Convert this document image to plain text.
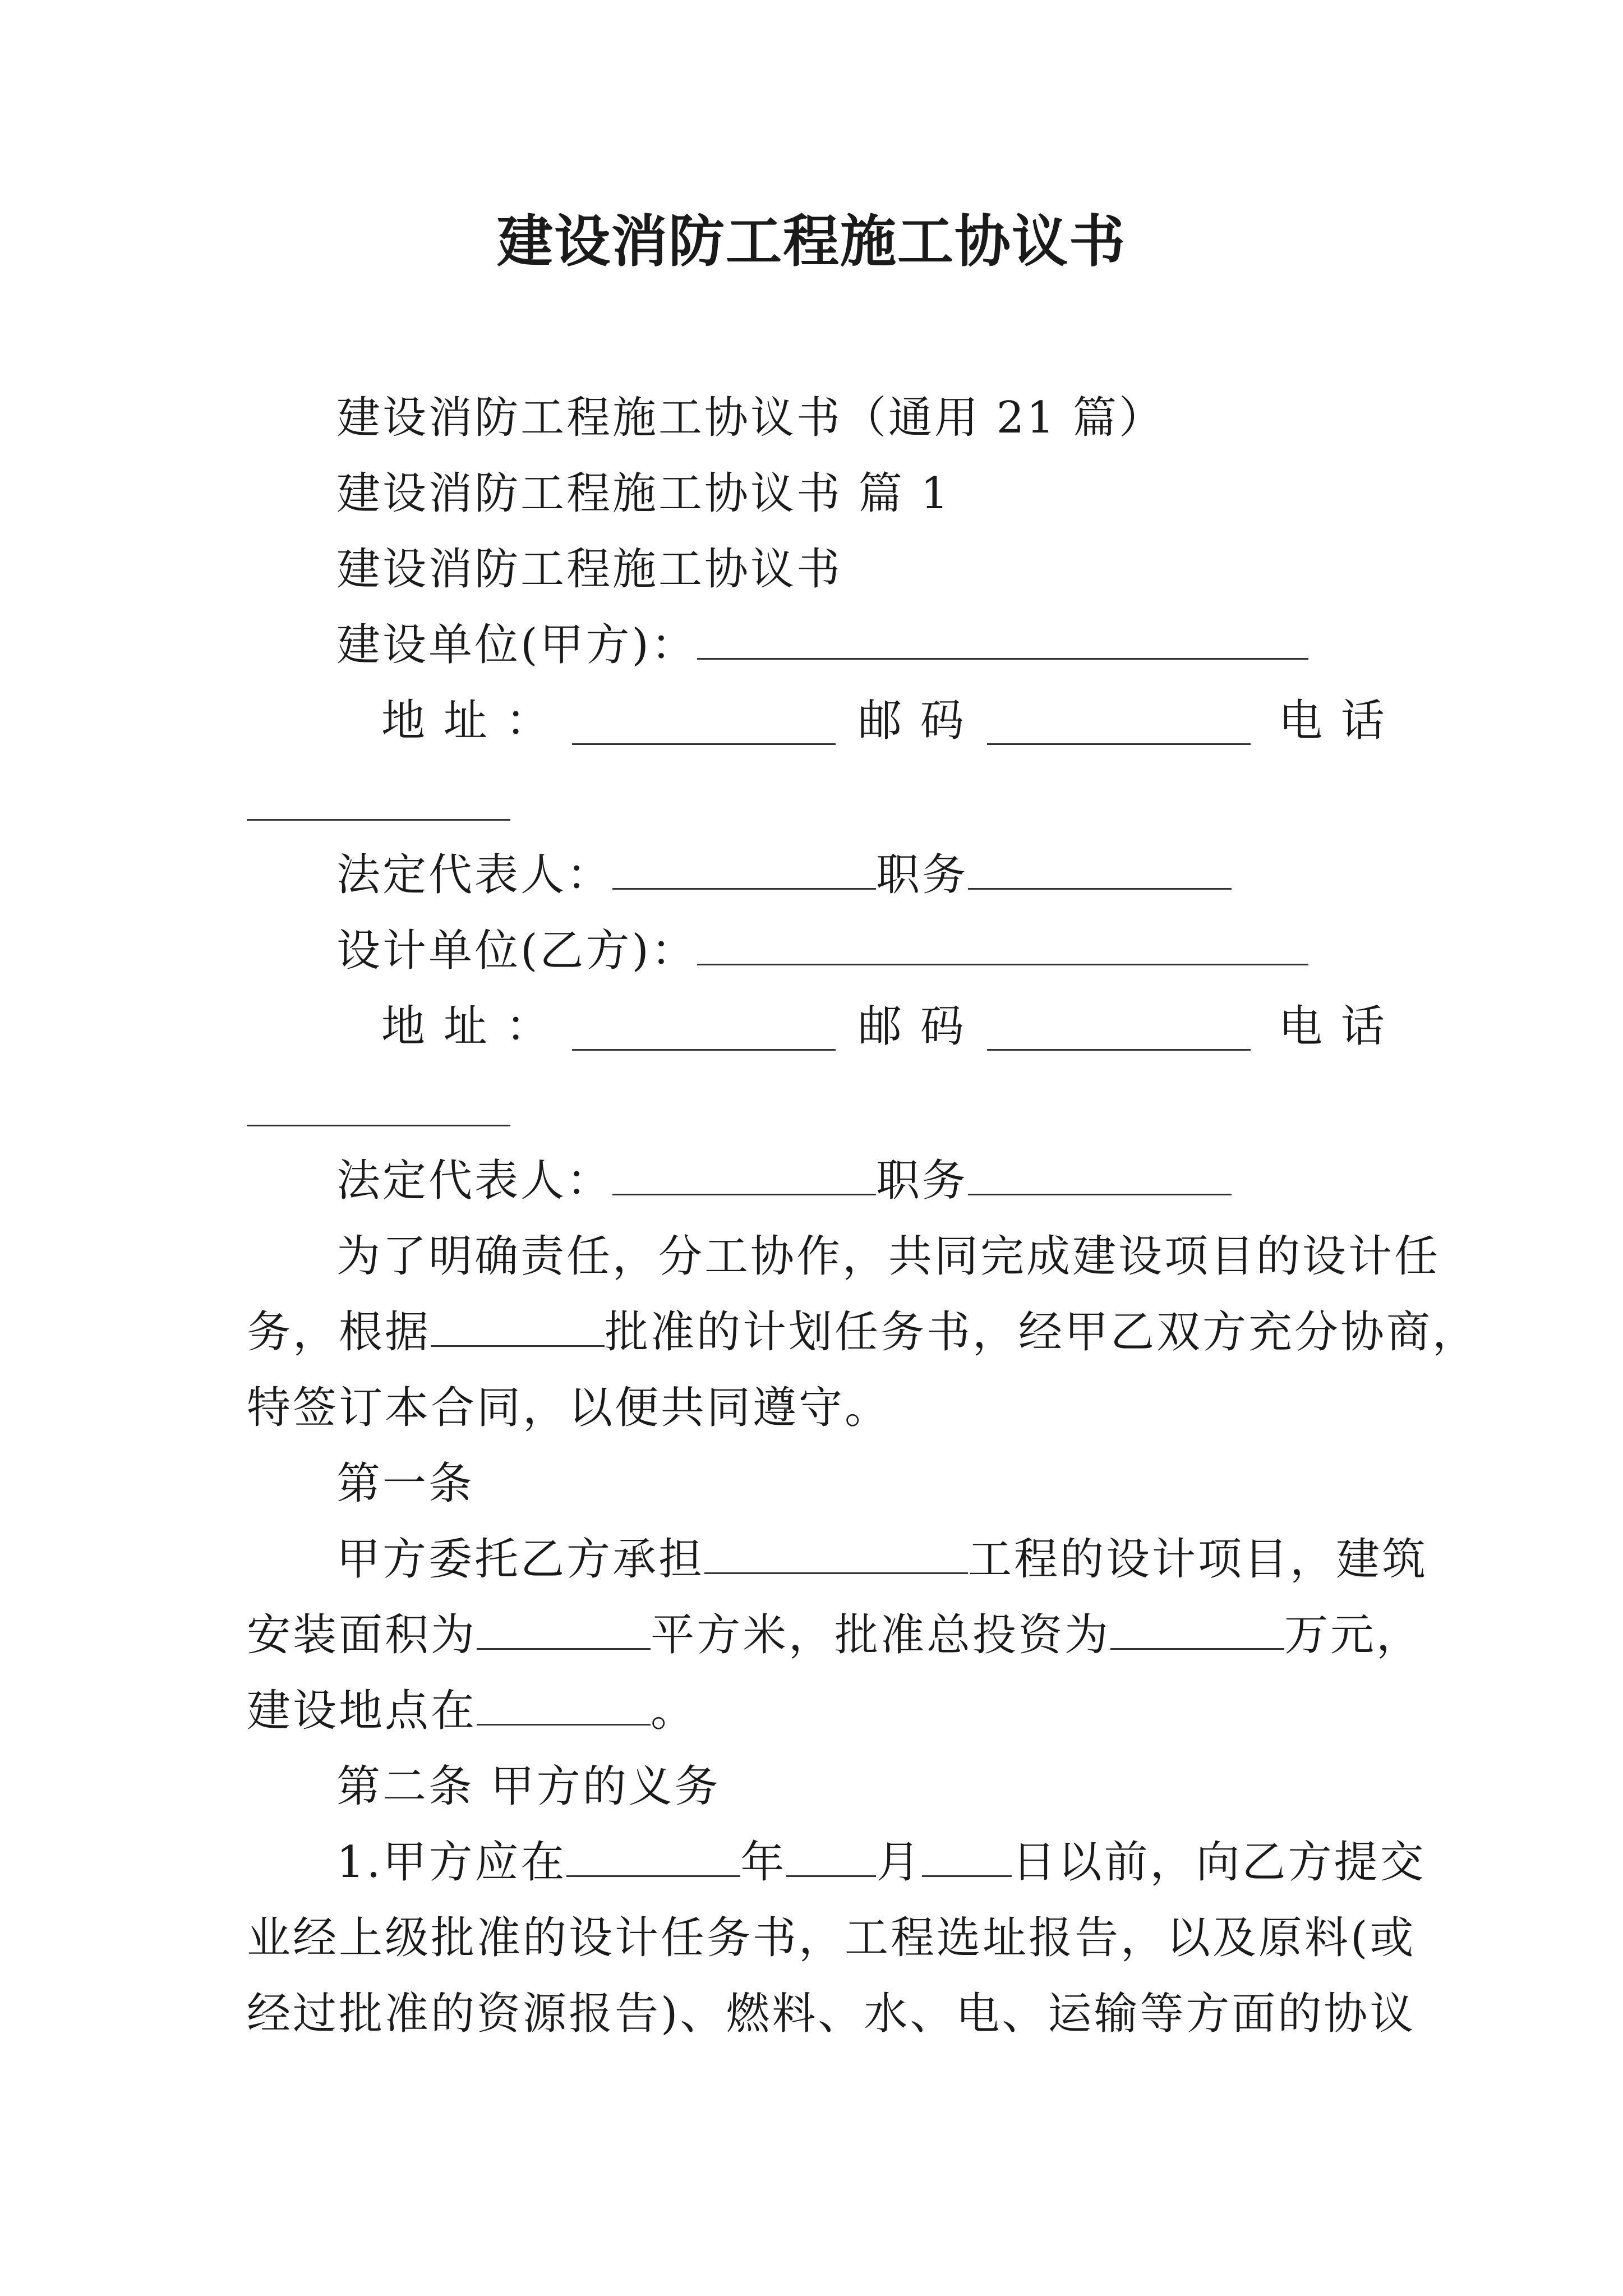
建设消防工程施工协议书
建设消防工程施工协议书（通用 21 篇）
建设消防工程施工协议书 篇 1
建设消防工程施工协议书
建设单位(甲方)：
地 址 ：	邮 码	电 话
法定代表人：	职务
设计单位(乙方)：
地 址 ：	邮 码	电 话
法定代表人：	职务
为了明确责任，分工协作，共同完成建设项目的设计任
务，根据	批准的计划任务书，经甲乙双方充分协商，
特签订本合同，以便共同遵守。
第一条
甲方委托乙方承担	工程的设计项目，建筑
安装面积为	平方米，批准总投资为	万元，
建设地点在	。
第二条 甲方的义务
1.甲方应在	年 月 日以前，向乙方提交
业经上级批准的设计任务书，工程选址报告，以及原料(或
经过批准的资源报告)、燃料、水、电、运输等方面的协议
